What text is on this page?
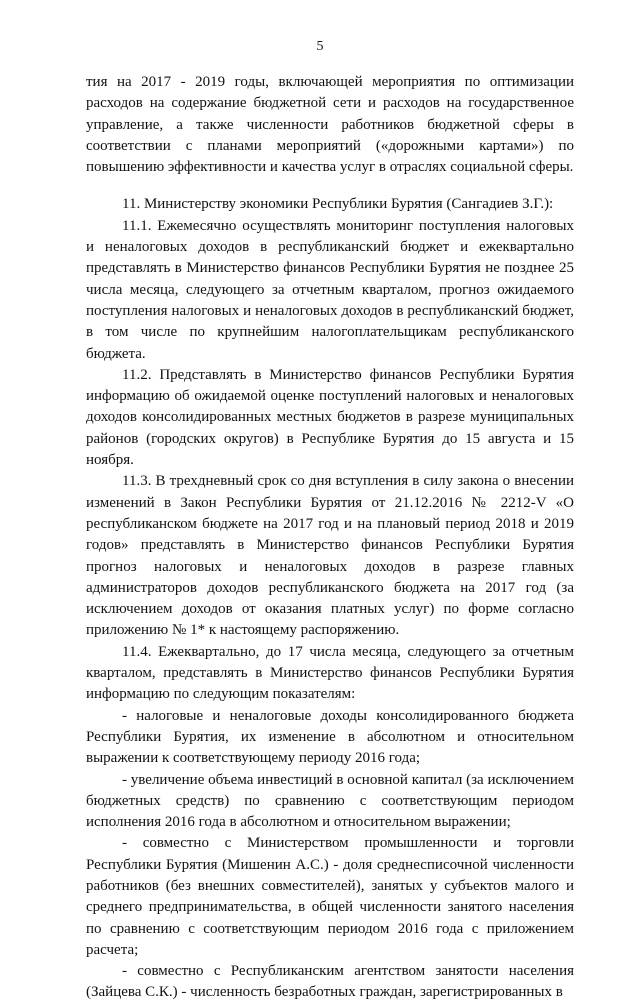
5

тия на 2017 - 2019 годы, включающей мероприятия по оптимизации расходов на содержание бюджетной сети и расходов на государственное управление, а также численности работников бюджетной сферы в соответствии с планами мероприятий («дорожными картами») по повышению эффективности и качества услуг в отраслях социальной сферы.

11. Министерству экономики Республики Бурятия (Сангадиев З.Г.):

11.1. Ежемесячно осуществлять мониторинг поступления налоговых и неналоговых доходов в республиканский бюджет и ежеквартально представлять в Министерство финансов Республики Бурятия не позднее 25 числа месяца, следующего за отчетным кварталом, прогноз ожидаемого поступления налоговых и неналоговых доходов в республиканский бюджет, в том числе по крупнейшим налогоплательщикам республиканского бюджета.

11.2. Представлять в Министерство финансов Республики Бурятия информацию об ожидаемой оценке поступлений налоговых и неналоговых доходов консолидированных местных бюджетов в разрезе муниципальных районов (городских округов) в Республике Бурятия до 15 августа и 15 ноября.

11.3. В трехдневный срок со дня вступления в силу закона о внесении изменений в Закон Республики Бурятия от 21.12.2016 № 2212-V «О республиканском бюджете на 2017 год и на плановый период 2018 и 2019 годов» представлять в Министерство финансов Республики Бурятия прогноз налоговых и неналоговых доходов в разрезе главных администраторов доходов республиканского бюджета на 2017 год (за исключением доходов от оказания платных услуг) по форме согласно приложению № 1* к настоящему распоряжению.

11.4. Ежеквартально, до 17 числа месяца, следующего за отчетным кварталом, представлять в Министерство финансов Республики Бурятия информацию по следующим показателям:

- налоговые и неналоговые доходы консолидированного бюджета Республики Бурятия, их изменение в абсолютном и относительном выражении к соответствующему периоду 2016 года;

- увеличение объема инвестиций в основной капитал (за исключением бюджетных средств) по сравнению с соответствующим периодом исполнения 2016 года в абсолютном и относительном выражении;

- совместно с Министерством промышленности и торговли Республики Бурятия (Мишенин А.С.) - доля среднесписочной численности работников (без внешних совместителей), занятых у субъектов малого и среднего предпринимательства, в общей численности занятого населения по сравнению с соответствующим периодом 2016 года с приложением расчета;

- совместно с Республиканским агентством занятости населения (Зайцева С.К.) - численность безработных граждан, зарегистрированных в
